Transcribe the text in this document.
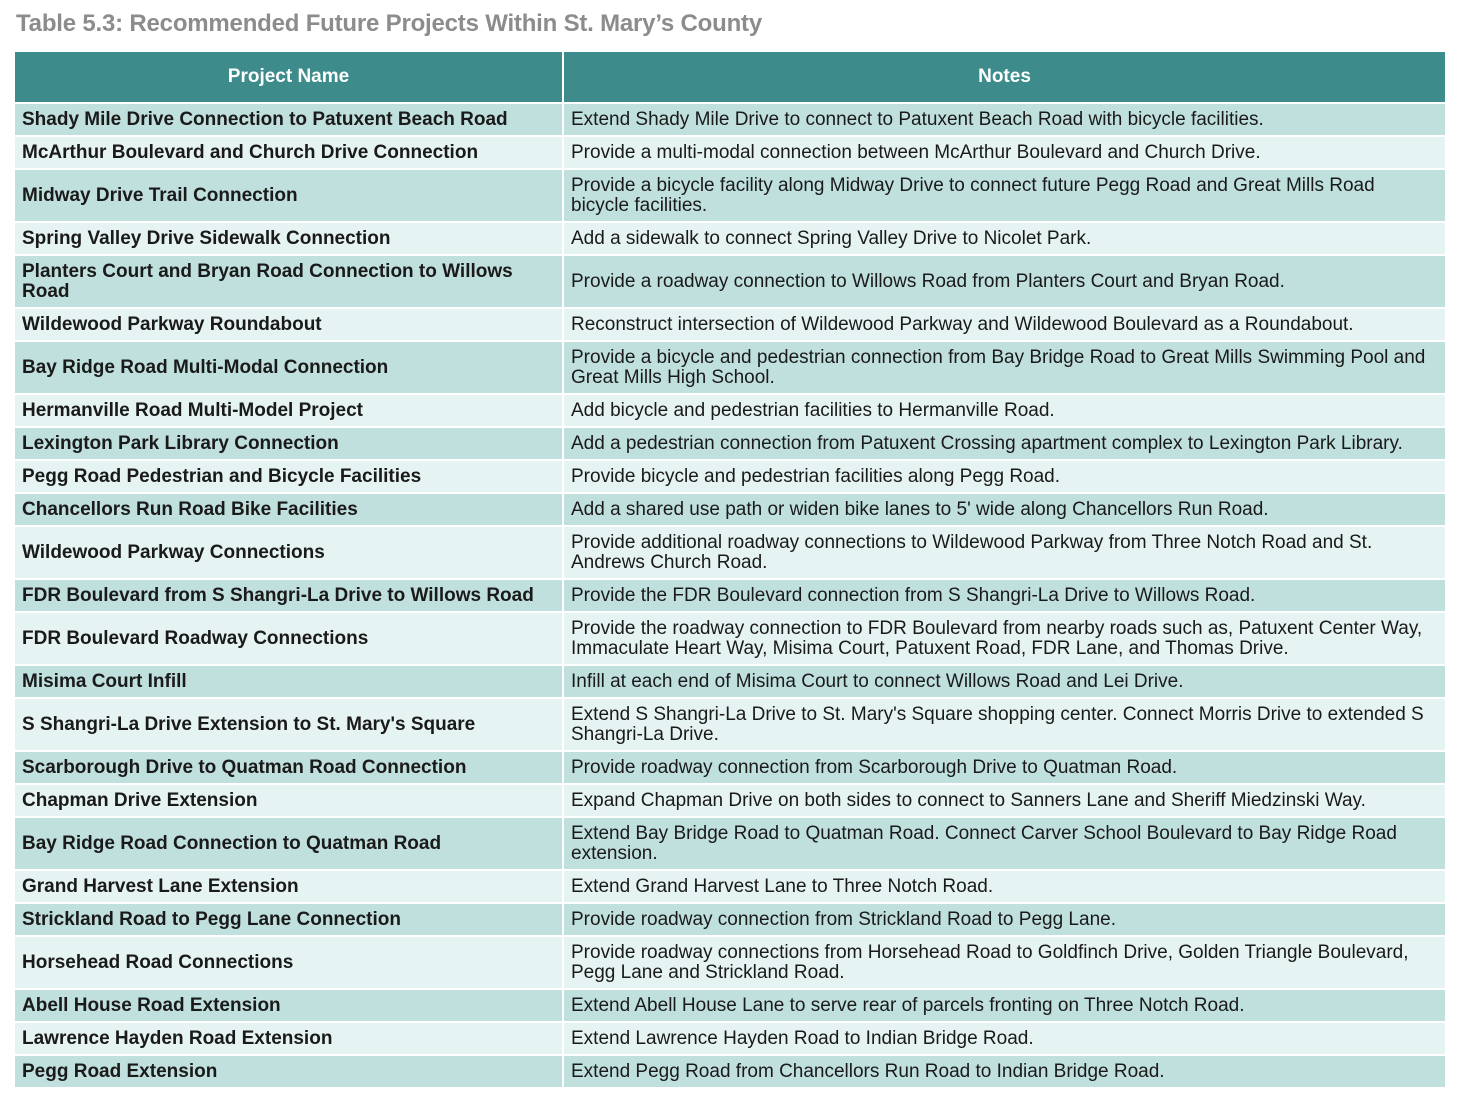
Table 5.3: Recommended Future Projects Within St. Mary’s County
Project Name	Notes
Shady Mile Drive Connection to Patuxent Beach Road	Extend Shady Mile Drive to connect to Patuxent Beach Road with bicycle facilities.
McArthur Boulevard and Church Drive Connection	Provide a multi-modal connection between McArthur Boulevard and Church Drive.
Midway Drive Trail Connection	Provide a bicycle facility along Midway Drive to connect future Pegg Road and Great Mills Road bicycle facilities.
Spring Valley Drive Sidewalk Connection	Add a sidewalk to connect Spring Valley Drive to Nicolet Park.
Planters Court and Bryan Road Connection to Willows Road	Provide a roadway connection to Willows Road from Planters Court and Bryan Road.
Wildewood Parkway Roundabout	Reconstruct intersection of Wildewood Parkway and Wildewood Boulevard as a Roundabout.
Bay Ridge Road Multi-Modal Connection	Provide a bicycle and pedestrian connection from Bay Bridge Road to Great Mills Swimming Pool and Great Mills High School.
Hermanville Road Multi-Model Project	Add bicycle and pedestrian facilities to Hermanville Road.
Lexington Park Library Connection	Add a pedestrian connection from Patuxent Crossing apartment complex to Lexington Park Library.
Pegg Road Pedestrian and Bicycle Facilities	Provide bicycle and pedestrian facilities along Pegg Road.
Chancellors Run Road Bike Facilities	Add a shared use path or widen bike lanes to 5' wide along Chancellors Run Road.
Wildewood Parkway Connections	Provide additional roadway connections to Wildewood Parkway from Three Notch Road and St. Andrews Church Road.
FDR Boulevard from S Shangri-La Drive to Willows Road	Provide the FDR Boulevard connection from S Shangri-La Drive to Willows Road.
FDR Boulevard Roadway Connections	Provide the roadway connection to FDR Boulevard from nearby roads such as, Patuxent Center Way, Immaculate Heart Way, Misima Court, Patuxent Road, FDR Lane, and Thomas Drive.
Misima Court Infill	Infill at each end of Misima Court to connect Willows Road and Lei Drive.
S Shangri-La Drive Extension to St. Mary's Square	Extend S Shangri-La Drive to St. Mary's Square shopping center. Connect Morris Drive to extended S Shangri-La Drive.
Scarborough Drive to Quatman Road Connection	Provide roadway connection from Scarborough Drive to Quatman Road.
Chapman Drive Extension	Expand Chapman Drive on both sides to connect to Sanners Lane and Sheriff Miedzinski Way.
Bay Ridge Road Connection to Quatman Road	Extend Bay Bridge Road to Quatman Road. Connect Carver School Boulevard to Bay Ridge Road extension.
Grand Harvest Lane Extension	Extend Grand Harvest Lane to Three Notch Road.
Strickland Road to Pegg Lane Connection	Provide roadway connection from Strickland Road to Pegg Lane.
Horsehead Road Connections	Provide roadway connections from Horsehead Road to Goldfinch Drive, Golden Triangle Boulevard, Pegg Lane and Strickland Road.
Abell House Road Extension	Extend Abell House Lane to serve rear of parcels fronting on Three Notch Road.
Lawrence Hayden Road Extension	Extend Lawrence Hayden Road to Indian Bridge Road.
Pegg Road Extension	Extend Pegg Road from Chancellors Run Road to Indian Bridge Road.
